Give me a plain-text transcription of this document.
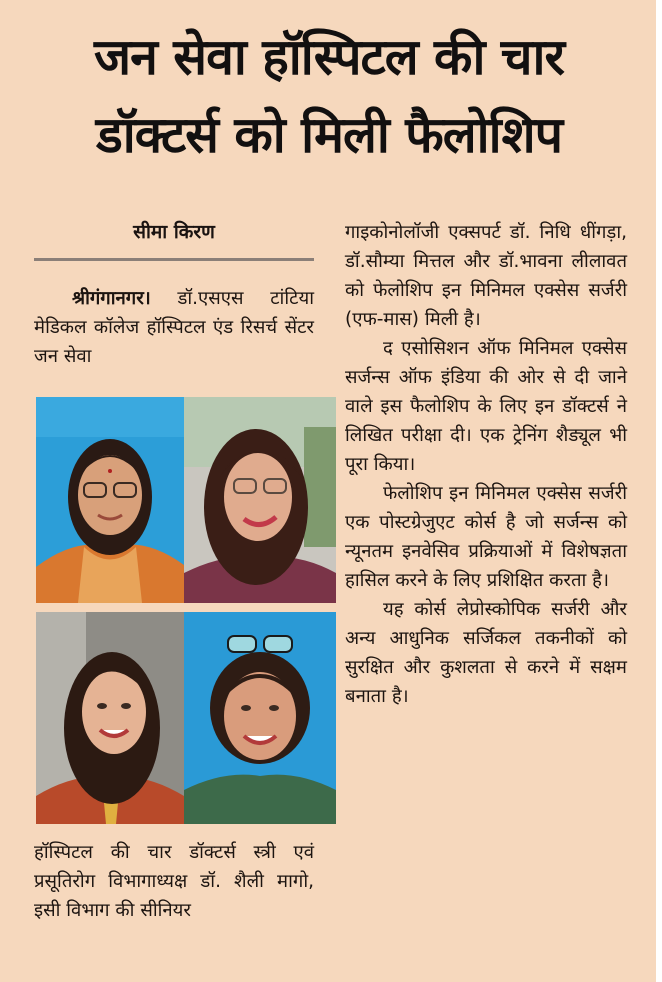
जन सेवा हॉस्पिटल की चार
डॉक्टर्स को मिली फैलोशिप
सीमा किरण

श्रीगंगानगर। डॉ.एसएस टांटिया मेडिकल कॉलेज हॉस्पिटल एंड रिसर्च सेंटर जन सेवा

हॉस्पिटल की चार डॉक्टर्स स्त्री एवं प्रसूतिरोग विभागाध्यक्ष डॉ. शैली मागो, इसी विभाग की सीनियर

गाइकोनोलॉजी एक्सपर्ट डॉ. निधि धींगड़ा, डॉ.सौम्या मित्तल और डॉ.भावना लीलावत को फेलोशिप इन मिनिमल एक्सेस सर्जरी (एफ-मास) मिली है।

द एसोसिशन ऑफ मिनिमल एक्सेस सर्जन्स ऑफ इंडिया की ओर से दी जाने वाले इस फैलोशिप के लिए इन डॉक्टर्स ने लिखित परीक्षा दी। एक ट्रेनिंग शैड्यूल भी पूरा किया।

फेलोशिप इन मिनिमल एक्सेस सर्जरी एक पोस्टग्रेजुएट कोर्स है जो सर्जन्स को न्यूनतम इनवेसिव प्रक्रियाओं में विशेषज्ञता हासिल करने के लिए प्रशिक्षित करता है।

यह कोर्स लेप्रोस्कोपिक सर्जरी और अन्य आधुनिक सर्जिकल तकनीकों को सुरक्षित और कुशलता से करने में सक्षम बनाता है।
